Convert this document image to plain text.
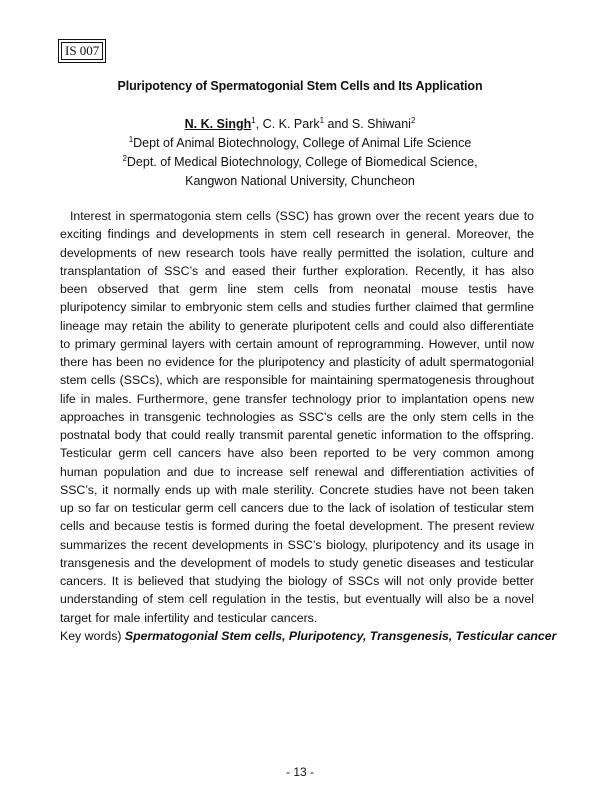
IS 007
Pluripotency of Spermatogonial Stem Cells and Its Application
N. K. Singh$^1$, C. K. Park$^1$ and S. Shiwani$^2$
$^1$Dept of Animal Biotechnology, College of Animal Life Science
$^2$Dept. of Medical Biotechnology, College of Biomedical Science,
Kangwon National University, Chuncheon

Interest in spermatogonia stem cells (SSC) has grown over the recent years due to exciting findings and developments in stem cell research in general. Moreover, the developments of new research tools have really permitted the isolation, culture and transplantation of SSC’s and eased their further exploration. Recently, it has also been observed that germ line stem cells from neonatal mouse testis have pluripotency similar to embryonic stem cells and studies further claimed that germline lineage may retain the ability to generate pluripotent cells and could also differentiate to primary germinal layers with certain amount of reprogramming. However, until now there has been no evidence for the pluripotency and plasticity of adult spermatogonial stem cells (SSCs), which are responsible for maintaining spermatogenesis throughout life in males. Furthermore, gene transfer technology prior to implantation opens new approaches in transgenic technologies as SSC’s cells are the only stem cells in the postnatal body that could really transmit parental genetic information to the offspring. Testicular germ cell cancers have also been reported to be very common among human population and due to increase self renewal and differentiation activities of SSC’s, it normally ends up with male sterility. Concrete studies have not been taken up so far on testicular germ cell cancers due to the lack of isolation of testicular stem cells and because testis is formed during the foetal development. The present review summarizes the recent developments in SSC’s biology, pluripotency and its usage in transgenesis and the development of models to study genetic diseases and testicular cancers. It is believed that studying the biology of SSCs will not only provide better understanding of stem cell regulation in the testis, but eventually will also be a novel target for male infertility and testicular cancers.

Key words) Spermatogonial Stem cells, Pluripotency, Transgenesis, Testicular cancer
- 13 -
